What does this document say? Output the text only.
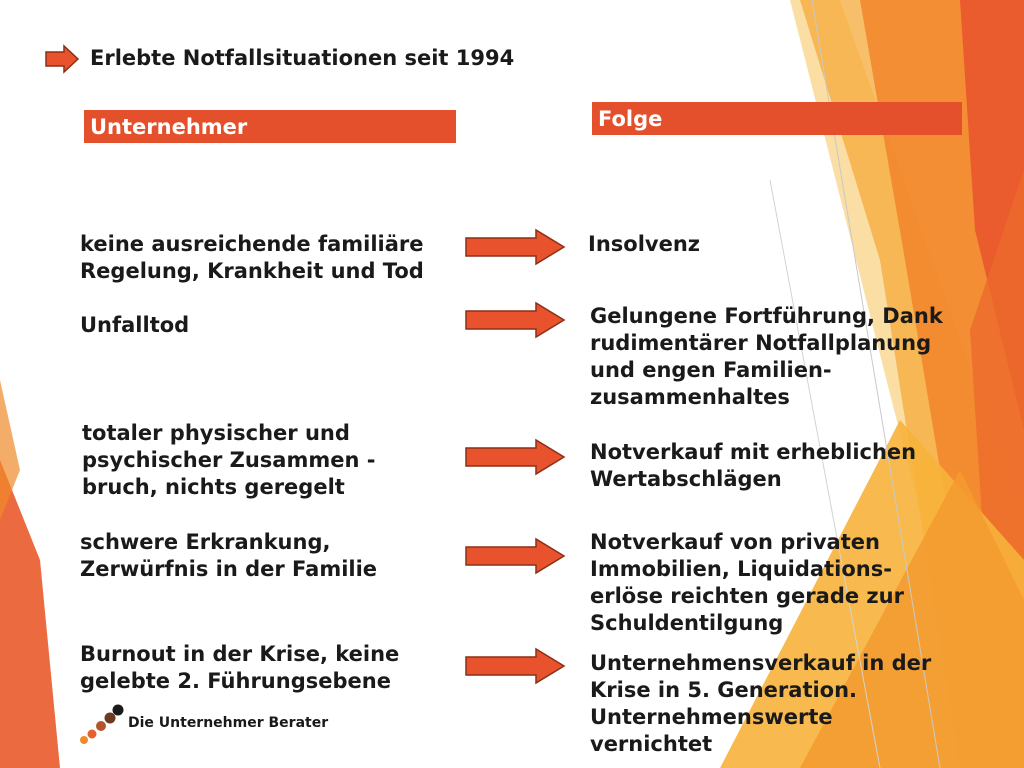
Erlebte Notfallsituationen seit 1994
Unternehmer	Folge
keine ausreichende familiäre
Regelung, Krankheit und Tod
Insolvenz
Unfalltod	Gelungene Fortführung, Dank
rudimentärer Notfallplanung
und engen Familien-
zusammenhaltes
totaler physischer und
psychischer Zusammen -
bruch, nichts geregelt
Notverkauf mit erheblichen
Wertabschlägen
schwere Erkrankung,
Zerwürfnis in der Familie
Notverkauf von privaten
Immobilien, Liquidations-
erlöse reichten gerade zur
Schuldentilgung
Burnout in der Krise, keine
gelebte 2. Führungsebene
Unternehmensverkauf in der
Krise in 5. Generation.
Unternehmenswerte
vernichtet
Die Unternehmer Berater
